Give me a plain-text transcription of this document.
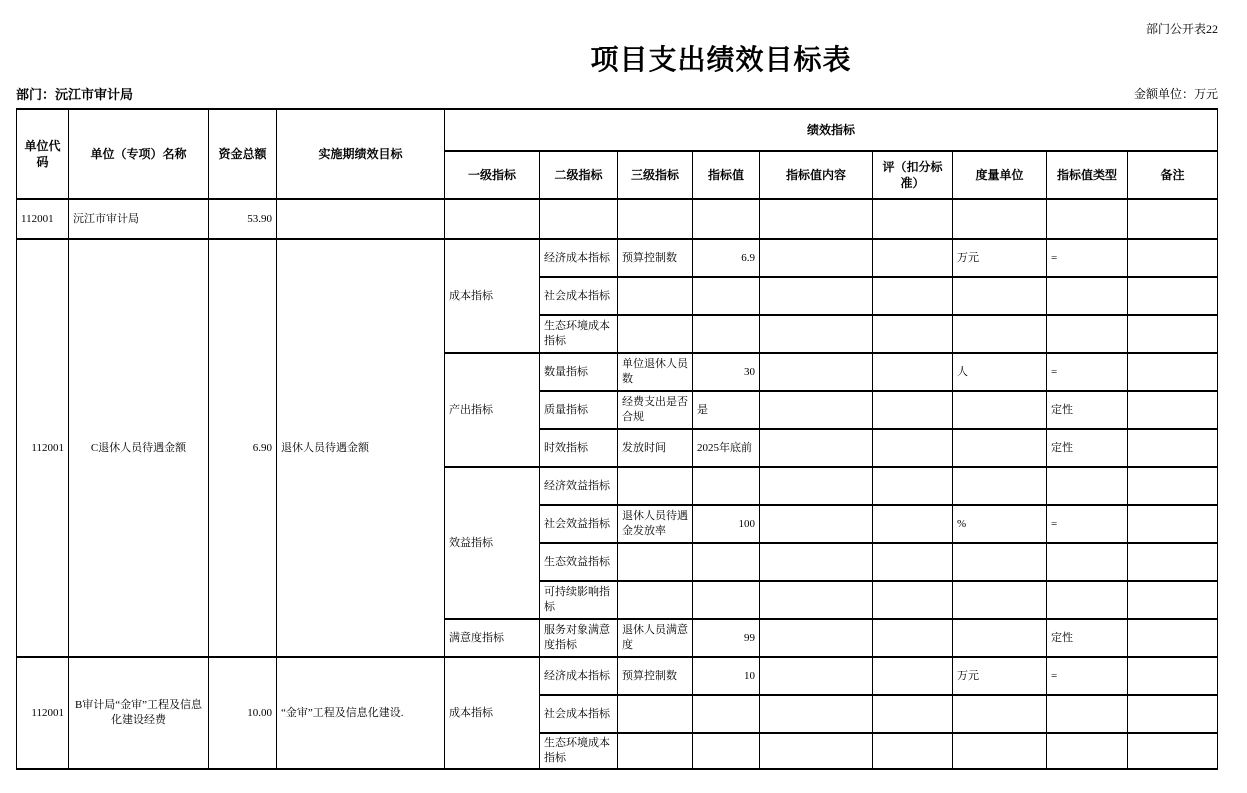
部门公开表22
项目支出绩效目标表
部门：沅江市审计局	金额单位：万元
单位代码	单位（专项）名称	资金总额	实施期绩效目标	绩效指标								
				一级指标	二级指标	三级指标	指标值	指标值内容	评（扣分标准）	度量单位	指标值类型	备注
112001	沅江市审计局	53.90										
112001	C退休人员待遇金额	6.90	退休人员待遇金额	成本指标	经济成本指标	预算控制数	6.9			万元	=	
					社会成本指标							
					生态环境成本指标							
				产出指标	数量指标	单位退休人员数	30			人	=	
					质量指标	经费支出是否合规	是				定性	
					时效指标	发放时间	2025年底前				定性	
				效益指标	经济效益指标							
					社会效益指标	退休人员待遇金发放率	100			%	=	
					生态效益指标							
					可持续影响指标							
				满意度指标	服务对象满意度指标	退休人员满意度	99				定性	
112001	B审计局“金审”工程及信息化建设经费	10.00	“金审”工程及信息化建设.	成本指标	经济成本指标	预算控制数	10			万元	=	
					社会成本指标							
					生态环境成本指标							
